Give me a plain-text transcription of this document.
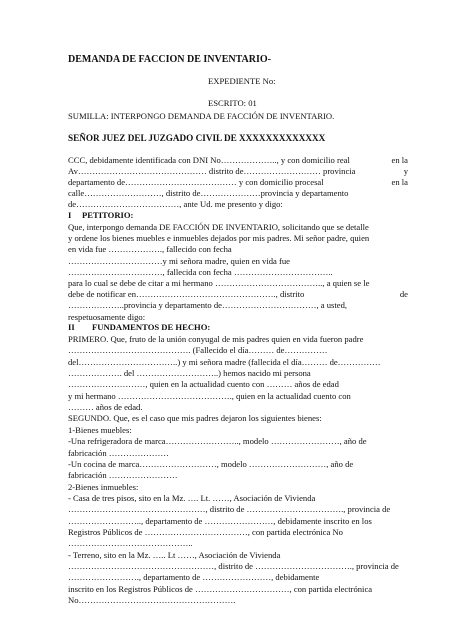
DEMANDA DE FACCION DE INVENTARIO-
EXPEDIENTE No:
ESCRITO: 01
SUMILLA: INTERPONGO DEMANDA DE FACCIÓN DE INVENTARIO.
SEÑOR JUEZ DEL JUZGADO CIVIL DE XXXXXXXXXXXXX
CCC, debidamente identificada con DNI No……………….., y con domicilio real	en la
Av……………………………………… distrito de……………………… provincia	y
departamento de………………………………… y con domicilio procesal	en la
calle………………………, distrito de…………………provincia y departamento
de………………………………, ante Ud. me presento y digo:
I PETITORIO:
Que, interpongo demanda DE FACCIÓN DE INVENTARIO, solicitando que se detalle
y ordene los bienes muebles e inmuebles dejados por mis padres. Mi señor padre, quien
en vida fue ………………., fallecido con fecha
……………………………y mi señora madre, quien en vida fue
……………………………, fallecida con fecha ……………………………..
para lo cual se debe de citar a mi hermano ……………………………….., a quien se le
debe de notificar en…………………………………………., distrito	de
………………..provincia y departamento de……………………………, a usted,
respetuosamente digo:
II FUNDAMENTOS DE HECHO:
PRIMERO. Que, fruto de la unión conyugal de mis padres quien en vida fueron padre
……………………………………. (Fallecido el día……… de……………
del……………………………..) y mi señora madre (fallecida el día……… de……………
………………. del ………………………..) hemos nacido mi persona
………………………, quien en la actualidad cuento con ……… años de edad
y mi hermano …………………………………., quien en la actualidad cuento con
……… años de edad.
SEGUNDO. Que, es el caso que mis padres dejaron los siguientes bienes:
1-Bienes muebles:
-Una refrigeradora de marca…………………….., modelo ……………………, año de
fabricación …………………
-Un cocina de marca………………………, modelo ………………………, año de
fabricación ……………………
2-Bienes inmuebles:
- Casa de tres pisos, sito en la Mz. …. Lt. ……, Asociación de Vivienda
…………………………………………, distrito de ……………………………., provincia de
…………………….., departamento de ……………………, debidamente inscrito en los
Registros Públicos de ………………………………, con partida electrónica No
……………………………………..
- Terreno, sito en la Mz. ….. Lt ……, Asociación de Vivienda
……………………………………………, distrito de ……………………………., provincia de
……………………., departamento de ……………………, debidamente
inscrito en los Registros Públicos de ……………………………, con partida electrónica
No……………………………………………….
